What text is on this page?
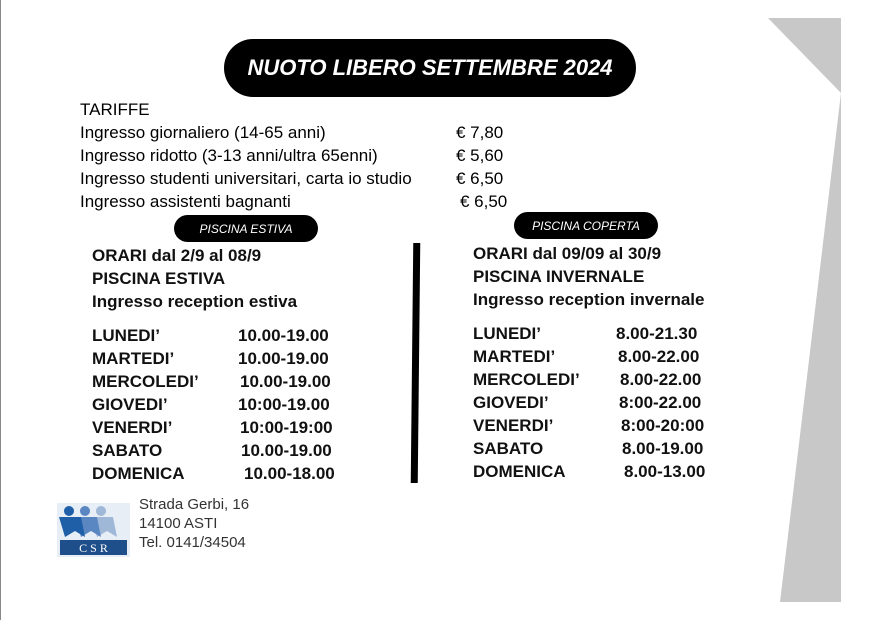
NUOTO LIBERO SETTEMBRE 2024
TARIFFE
Ingresso giornaliero (14-65 anni)	€ 7,80
Ingresso ridotto (3-13 anni/ultra 65enni)	€ 5,60
Ingresso studenti universitari, carta io studio	€ 6,50
Ingresso assistenti bagnanti	€ 6,50
PISCINA ESTIVA	PISCINA COPERTA
ORARI dal 2/9 al 08/9
PISCINA ESTIVA
Ingresso reception estiva
LUNEDI’	10.00-19.00
MARTEDI’	10.00-19.00
MERCOLEDI’ 10.00-19.00
GIOVEDI’	10:00-19.00
VENERDI’	10:00-19:00
SABATO	10.00-19.00
DOMENICA	10.00-18.00
ORARI dal 09/09 al 30/9
PISCINA INVERNALE
Ingresso reception invernale
LUNEDI’	8.00-21.30
MARTEDI’	8.00-22.00
MERCOLEDI’ 8.00-22.00
GIOVEDI’	8:00-22.00
VENERDI’	8:00-20:00
SABATO	8.00-19.00
DOMENICA	8.00-13.00
C S R
Strada Gerbi, 16
14100 ASTI
Tel. 0141/34504
